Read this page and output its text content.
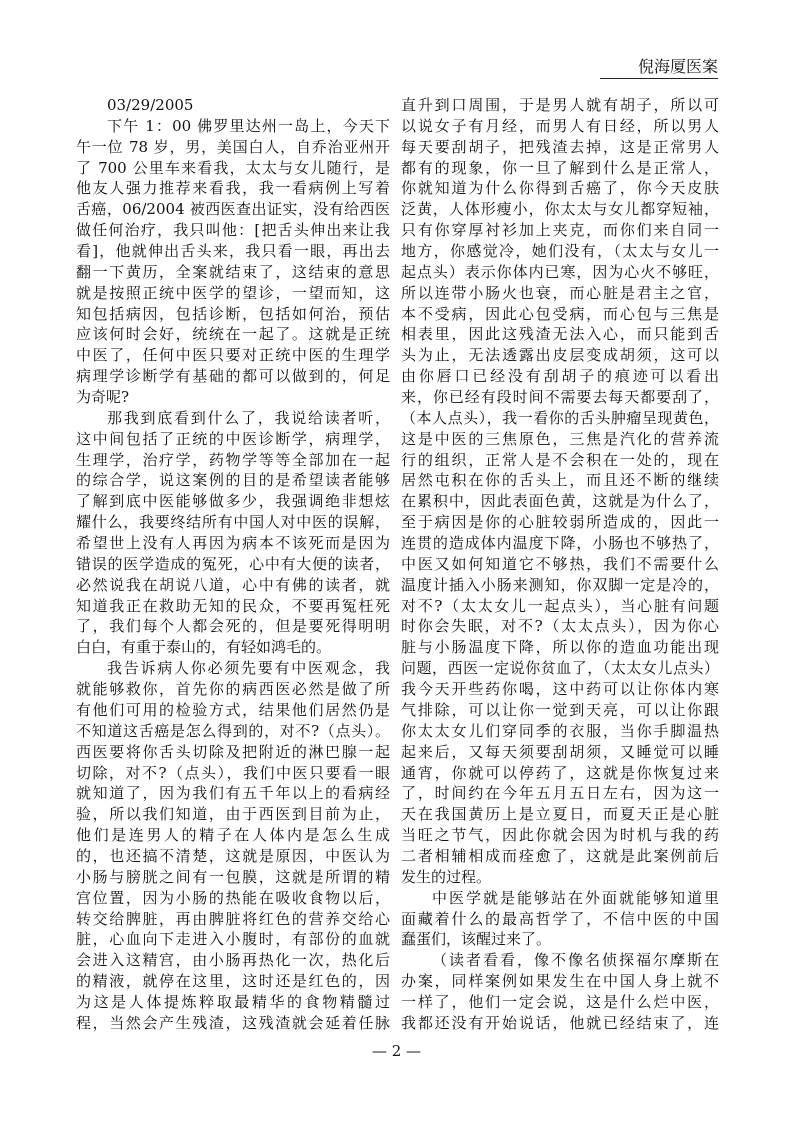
倪海厦医案
03/29/2005
下午 1：00 佛罗里达州一岛上，今天下
午一位 78 岁，男，美国白人，自乔治亚州开
了 700 公里车来看我，太太与女儿随行，是
他友人强力推荐来看我，我一看病例上写着
舌癌，06/2004 被西医查出证实，没有给西医
做任何治疗，我只叫他：[把舌头伸出来让我
看]，他就伸出舌头来，我只看一眼，再出去
翻一下黄历，全案就结束了，这结束的意思
就是按照正统中医学的望诊，一望而知，这
知包括病因，包括诊断，包括如何治，预估
应该何时会好，统统在一起了。这就是正统
中医了，任何中医只要对正统中医的生理学
病理学诊断学有基础的都可以做到的，何足
为奇呢?
那我到底看到什么了，我说给读者听，
这中间包括了正统的中医诊断学，病理学，
生理学，治疗学，药物学等等全部加在一起
的综合学，说这案例的目的是希望读者能够
了解到底中医能够做多少，我强调绝非想炫
耀什么，我要终结所有中国人对中医的误解，
希望世上没有人再因为病本不该死而是因为
错误的医学造成的冤死，心中有大便的读者，
必然说我在胡说八道，心中有佛的读者，就
知道我正在救助无知的民众，不要再冤枉死
了，我们每个人都会死的，但是要死得明明
白白，有重于泰山的，有轻如鸿毛的。
我告诉病人你必须先要有中医观念，我
就能够救你，首先你的病西医必然是做了所
有他们可用的检验方式，结果他们居然仍是
不知道这舌癌是怎么得到的，对不?（点头）。
西医要将你舌头切除及把附近的淋巴腺一起
切除，对不?（点头），我们中医只要看一眼
就知道了，因为我们有五千年以上的看病经
验，所以我们知道，由于西医到目前为止，
他们是连男人的精子在人体内是怎么生成
的，也还搞不清楚，这就是原因，中医认为
小肠与膀胱之间有一包膜，这就是所谓的精
宫位置，因为小肠的热能在吸收食物以后，
转交给脾脏，再由脾脏将红色的营养交给心
脏，心血向下走进入小腹时，有部份的血就
会进入这精宫，由小肠再热化一次，热化后
的精液，就停在这里，这时还是红色的，因
为这是人体提炼粹取最精华的食物精髓过
程，当然会产生残渣，这残渣就会延着任脉
直升到口周围，于是男人就有胡子，所以可
以说女子有月经，而男人有日经，所以男人
每天要刮胡子，把残渣去掉，这是正常男人
都有的现象，你一旦了解到什么是正常人，
你就知道为什么你得到舌癌了，你今天皮肤
泛黄，人体形瘦小，你太太与女儿都穿短袖，
只有你穿厚衬衫加上夹克，而你们来自同一
地方，你感觉冷，她们没有，（太太与女儿一
起点头）表示你体内已寒，因为心火不够旺，
所以连带小肠火也衰，而心脏是君主之官，
本不受病，因此心包受病，而心包与三焦是
相表里，因此这残渣无法入心，而只能到舌
头为止，无法透露出皮层变成胡须，这可以
由你唇口已经没有刮胡子的痕迹可以看出
来，你已经有段时间不需要去每天都要刮了，
（本人点头），我一看你的舌头肿瘤呈现黄色，
这是中医的三焦原色，三焦是汽化的营养流
行的组织，正常人是不会积在一处的，现在
居然屯积在你的舌头上，而且还不断的继续
在累积中，因此表面色黄，这就是为什么了，
至于病因是你的心脏较弱所造成的，因此一
连贯的造成体内温度下降，小肠也不够热了，
中医又如何知道它不够热，我们不需要什么
温度计插入小肠来测知，你双脚一定是冷的，
对不?（太太女儿一起点头），当心脏有问题
时你会失眠，对不?（太太点头），因为你心
脏与小肠温度下降，所以你的造血功能出现
问题，西医一定说你贫血了，（太太女儿点头）
我今天开些药你喝，这中药可以让你体内寒
气排除，可以让你一觉到天亮，可以让你跟
你太太女儿们穿同季的衣服，当你手脚温热
起来后，又每天须要刮胡须，又睡觉可以睡
通宵，你就可以停药了，这就是你恢复过来
了，时间约在今年五月五日左右，因为这一
天在我国黄历上是立夏日，而夏天正是心脏
当旺之节气，因此你就会因为时机与我的药
二者相辅相成而痊愈了，这就是此案例前后
发生的过程。
中医学就是能够站在外面就能够知道里
面藏着什么的最高哲学了，不信中医的中国
蠢蛋们，该醒过来了。
（读者看看，像不像名侦探福尔摩斯在
办案，同样案例如果发生在中国人身上就不
一样了，他们一定会说，这是什么烂中医，
我都还没有开始说话，他就已经结束了，连
— 2 —
